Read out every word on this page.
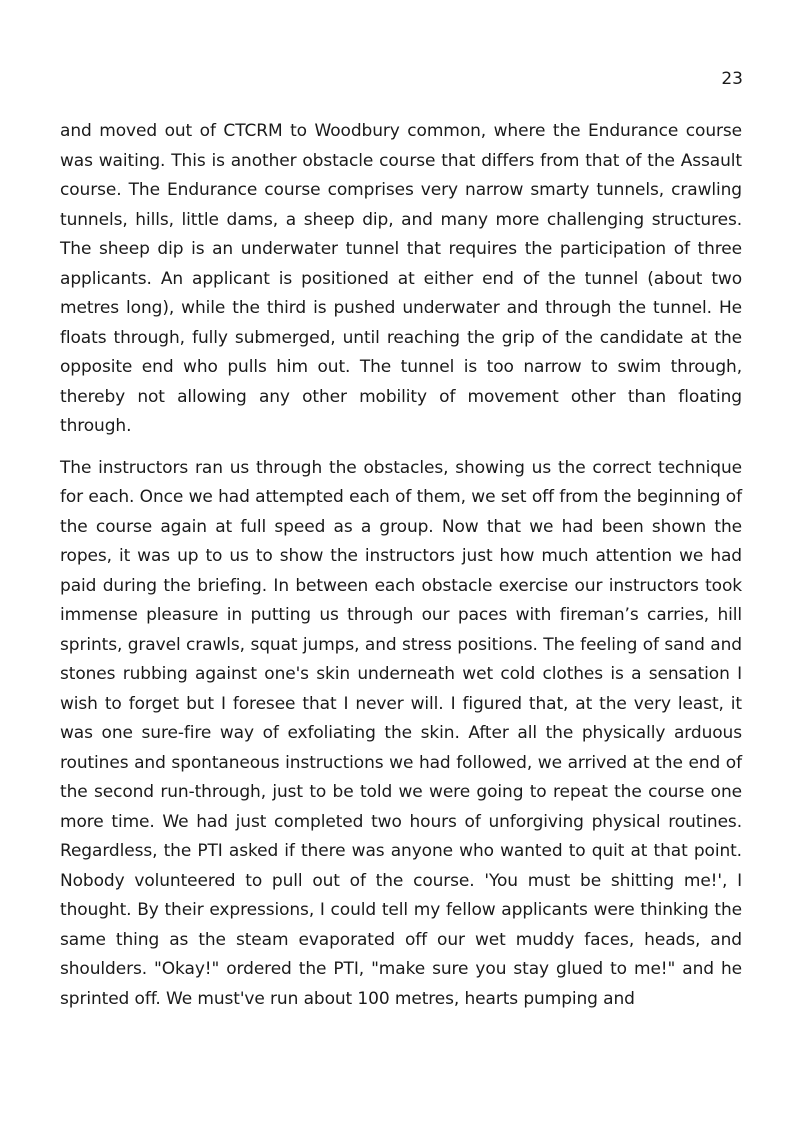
23

and moved out of CTCRM to Woodbury common, where the Endurance course was waiting. This is another obstacle course that differs from that of the Assault course. The Endurance course comprises very narrow smarty tunnels, crawling tunnels, hills, little dams, a sheep dip, and many more challenging structures. The sheep dip is an underwater tunnel that requires the participation of three applicants. An applicant is positioned at either end of the tunnel (about two metres long), while the third is pushed underwater and through the tunnel. He floats through, fully submerged, until reaching the grip of the candidate at the opposite end who pulls him out. The tunnel is too narrow to swim through, thereby not allowing any other mobility of movement other than floating through.

The instructors ran us through the obstacles, showing us the correct technique for each. Once we had attempted each of them, we set off from the beginning of the course again at full speed as a group. Now that we had been shown the ropes, it was up to us to show the instructors just how much attention we had paid during the briefing. In between each obstacle exercise our instructors took immense pleasure in putting us through our paces with fireman’s carries, hill sprints, gravel crawls, squat jumps, and stress positions. The feeling of sand and stones rubbing against one's skin underneath wet cold clothes is a sensation I wish to forget but I foresee that I never will. I figured that, at the very least, it was one sure-fire way of exfoliating the skin. After all the physically arduous routines and spontaneous instructions we had followed, we arrived at the end of the second run-through, just to be told we were going to repeat the course one more time. We had just completed two hours of unforgiving physical routines. Regardless, the PTI asked if there was anyone who wanted to quit at that point. Nobody volunteered to pull out of the course. 'You must be shitting me!', I thought. By their expressions, I could tell my fellow applicants were thinking the same thing as the steam evaporated off our wet muddy faces, heads, and shoulders. "Okay!" ordered the PTI, "make sure you stay glued to me!" and he sprinted off. We must've run about 100 metres, hearts pumping and
